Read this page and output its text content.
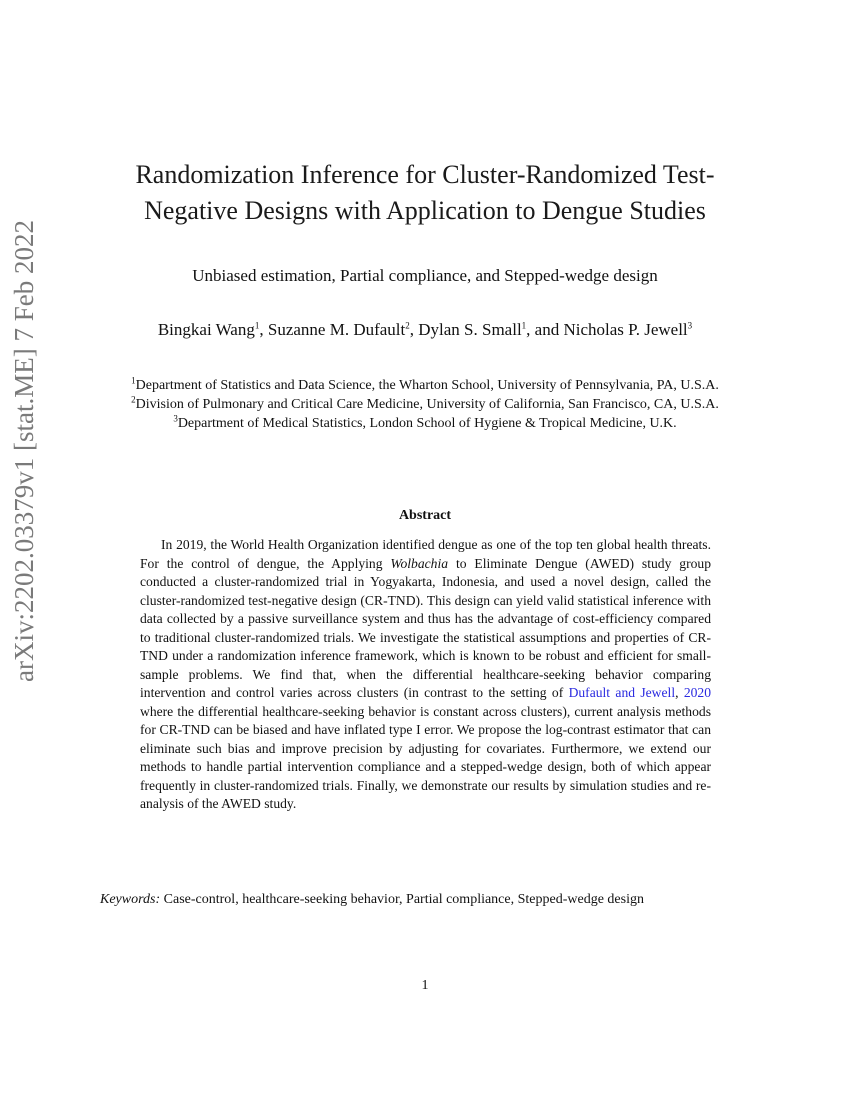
arXiv:2202.03379v1 [stat.ME] 7 Feb 2022
Randomization Inference for Cluster-Randomized Test-Negative Designs with Application to Dengue Studies
Unbiased estimation, Partial compliance, and Stepped-wedge design
Bingkai Wang$^1$, Suzanne M. Dufault$^2$, Dylan S. Small$^1$, and Nicholas P. Jewell$^3$
$^1$Department of Statistics and Data Science, the Wharton School, University of Pennsylvania, PA, U.S.A.
$^2$Division of Pulmonary and Critical Care Medicine, University of California, San Francisco, CA, U.S.A.
$^3$Department of Medical Statistics, London School of Hygiene & Tropical Medicine, U.K.
Abstract
In 2019, the World Health Organization identified dengue as one of the top ten global health threats. For the control of dengue, the Applying Wolbachia to Eliminate Dengue (AWED) study group conducted a cluster-randomized trial in Yogyakarta, Indonesia, and used a novel design, called the cluster-randomized test-negative design (CR-TND). This design can yield valid statistical inference with data collected by a passive surveillance system and thus has the advantage of cost-efficiency compared to traditional cluster-randomized trials. We investigate the statistical assumptions and properties of CR-TND under a randomization inference framework, which is known to be robust and efficient for small-sample problems. We find that, when the differential healthcare-seeking behavior comparing intervention and control varies across clusters (in contrast to the setting of Dufault and Jewell, 2020 where the differential healthcare-seeking behavior is constant across clusters), current analysis methods for CR-TND can be biased and have inflated type I error. We propose the log-contrast estimator that can eliminate such bias and improve precision by adjusting for covariates. Furthermore, we extend our methods to handle partial intervention compliance and a stepped-wedge design, both of which appear frequently in cluster-randomized trials. Finally, we demonstrate our results by simulation studies and re-analysis of the AWED study.
Keywords: Case-control, healthcare-seeking behavior, Partial compliance, Stepped-wedge design
1
